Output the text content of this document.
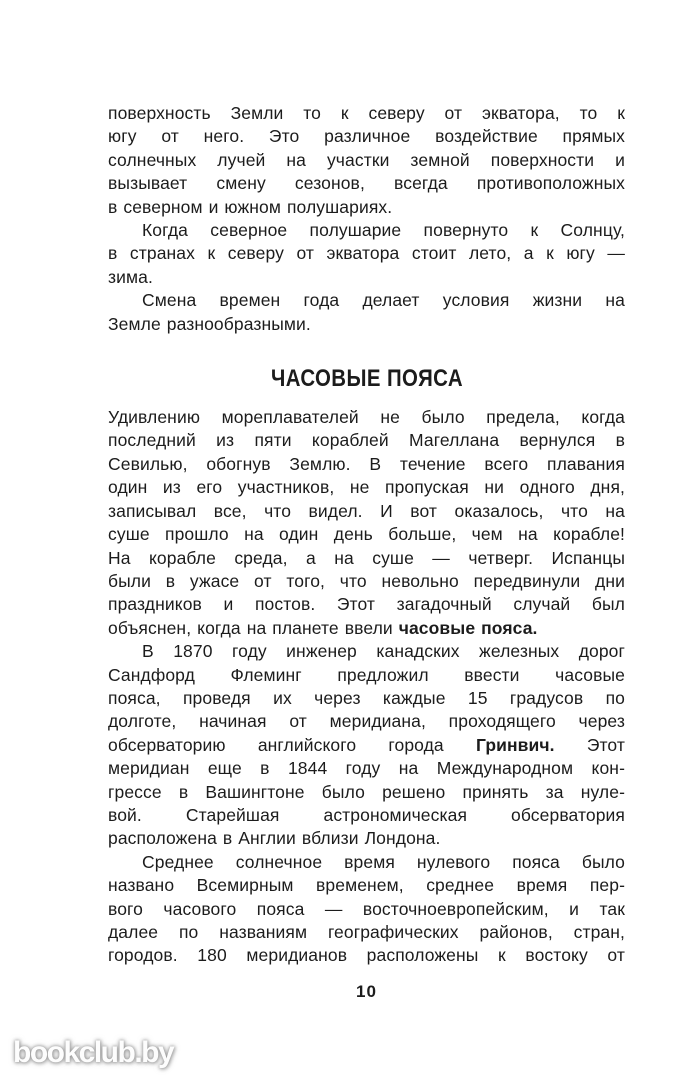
поверхность Земли то к северу от экватора, то к
югу от него. Это различное воздействие прямых
солнечных лучей на участки земной поверхности и
вызывает смену сезонов, всегда противоположных
в северном и южном полушариях.
Когда северное полушарие повернуто к Солнцу,
в странах к северу от экватора стоит лето, а к югу —
зима.
Смена времен года делает условия жизни на
Земле разнообразными.
ЧАСОВЫЕ ПОЯСА
Удивлению мореплавателей не было предела, когда
последний из пяти кораблей Магеллана вернулся в
Севилью, обогнув Землю. В течение всего плавания
один из его участников, не пропуская ни одного дня,
записывал все, что видел. И вот оказалось, что на
суше прошло на один день больше, чем на корабле!
На корабле среда, а на суше — четверг. Испанцы
были в ужасе от того, что невольно передвинули дни
праздников и постов. Этот загадочный случай был
объяснен, когда на планете ввели часовые пояса.
В 1870 году инженер канадских железных дорог
Сандфорд Флеминг предложил ввести часовые
пояса, проведя их через каждые 15 градусов по
долготе, начиная от меридиана, проходящего через
обсерваторию английского города Гринвич. Этот
меридиан еще в 1844 году на Международном кон-
грессе в Вашингтоне было решено принять за нуле-
вой. Старейшая астрономическая обсерватория
расположена в Англии вблизи Лондона.
Среднее солнечное время нулевого пояса было
названо Всемирным временем, среднее время пер-
вого часового пояса — восточноевропейским, и так
далее по названиям географических районов, стран,
городов. 180 меридианов расположены к востоку от
10
bookclub.by
